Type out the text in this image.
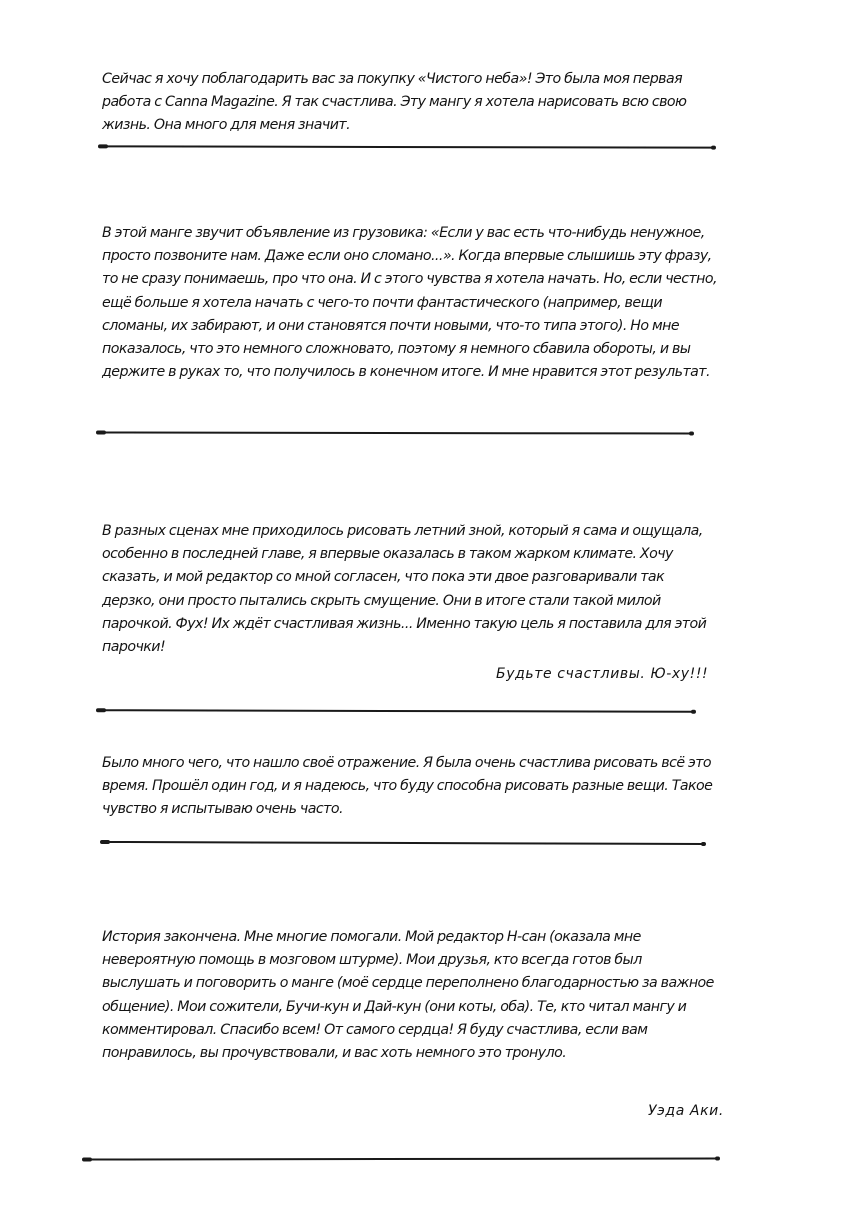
Сейчас я хочу поблагодарить вас за покупку «Чистого неба»! Это была моя первая работа с Canna Magazine. Я так счастлива. Эту мангу я хотела нарисовать всю свою жизнь. Она много для меня значит.

В этой манге звучит объявление из грузовика: «Если у вас есть что-нибудь ненужное, просто позвоните нам. Даже если оно сломано...». Когда впервые слышишь эту фразу, то не сразу понимаешь, про что она. И с этого чувства я хотела начать. Но, если честно, ещё больше я хотела начать с чего-то почти фантастического (например, вещи сломаны, их забирают, и они становятся почти новыми, что-то типа этого). Но мне показалось, что это немного сложновато, поэтому я немного сбавила обороты, и вы держите в руках то, что получилось в конечном итоге. И мне нравится этот результат.

В разных сценах мне приходилось рисовать летний зной, который я сама и ощущала, особенно в последней главе, я впервые оказалась в таком жарком климате. Хочу сказать, и мой редактор со мной согласен, что пока эти двое разговаривали так дерзко, они просто пытались скрыть смущение. Они в итоге стали такой милой парочкой. Фух! Их ждёт счастливая жизнь... Именно такую цель я поставила для этой парочки!

Будьте счастливы. Ю-ху!!!

Было много чего, что нашло своё отражение. Я была очень счастлива рисовать всё это время. Прошёл один год, и я надеюсь, что буду способна рисовать разные вещи. Такое чувство я испытываю очень часто.

История закончена. Мне многие помогали. Мой редактор Н-сан (оказала мне невероятную помощь в мозговом штурме). Мои друзья, кто всегда готов был выслушать и поговорить о манге (моё сердце переполнено благодарностью за важное общение). Мои сожители, Бучи-кун и Дай-кун (они коты, оба). Те, кто читал мангу и комментировал. Спасибо всем! От самого сердца! Я буду счастлива, если вам понравилось, вы прочувствовали, и вас хоть немного это тронуло.

Уэда Аки.
